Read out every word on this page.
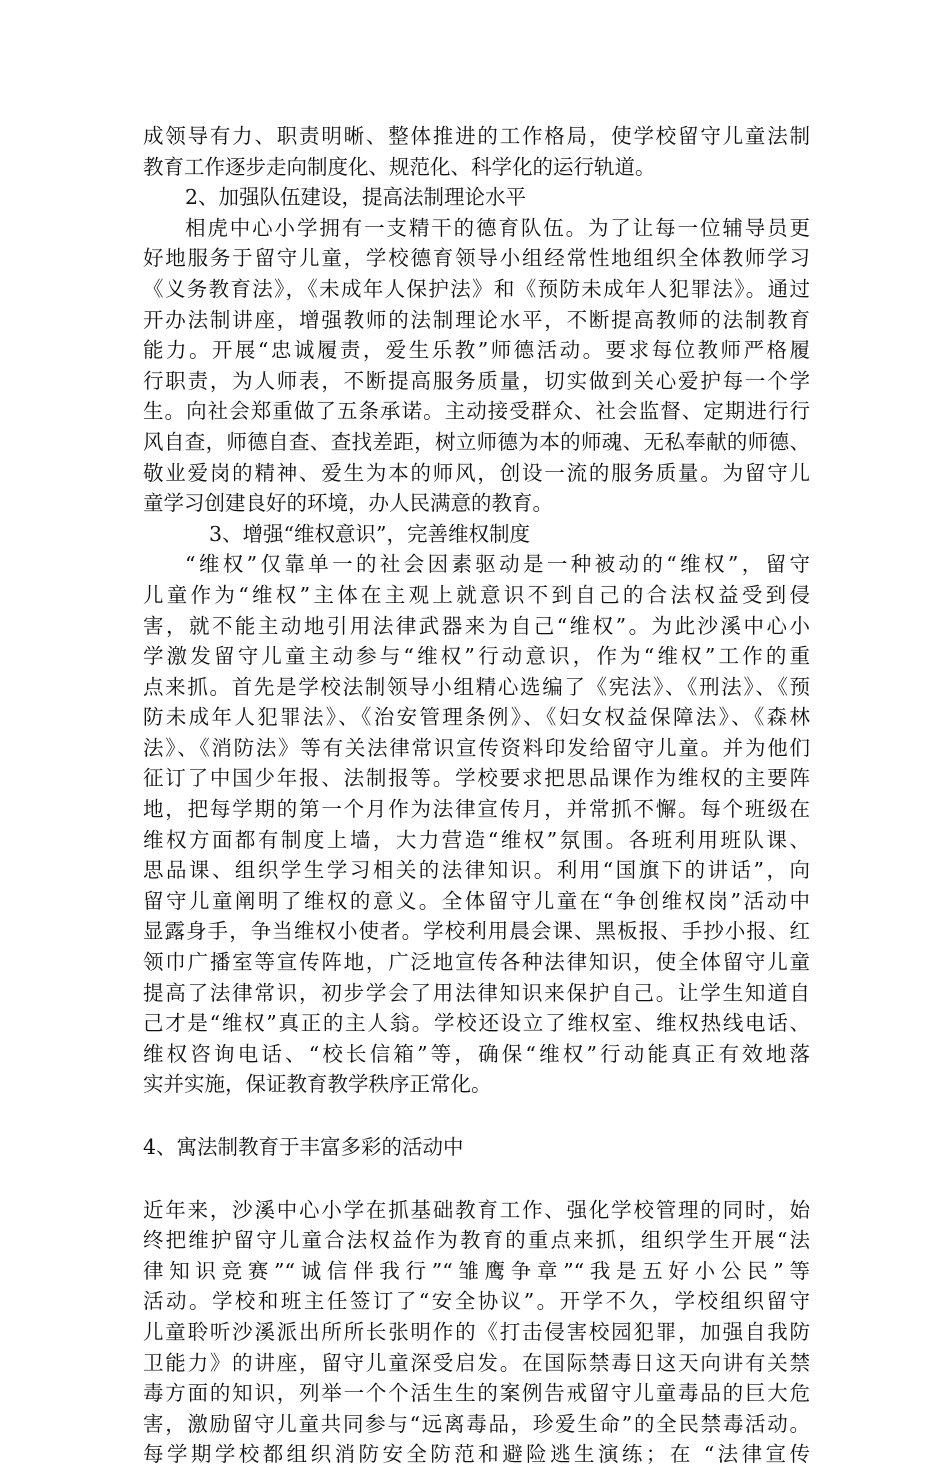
成领导有力、职责明晰、整体推进的工作格局，使学校留守儿童法制
教育工作逐步走向制度化、规范化、科学化的运行轨道。
2、加强队伍建设，提高法制理论水平
相虎中心小学拥有一支精干的德育队伍。为了让每一位辅导员更
好地服务于留守儿童，学校德育领导小组经常性地组织全体教师学习
《义务教育法》，《未成年人保护法》和《预防未成年人犯罪法》。通过
开办法制讲座，增强教师的法制理论水平，不断提高教师的法制教育
能力。开展“忠诚履责，爱生乐教”师德活动。要求每位教师严格履
行职责，为人师表，不断提高服务质量，切实做到关心爱护每一个学
生。向社会郑重做了五条承诺。主动接受群众、社会监督、定期进行行
风自查，师德自查、查找差距，树立师德为本的师魂、无私奉献的师德、
敬业爱岗的精神、爱生为本的师风，创设一流的服务质量。为留守儿
童学习创建良好的环境，办人民满意的教育。
3、增强“维权意识”，完善维权制度
“维权”仅靠单一的社会因素驱动是一种被动的“维权”，留守
儿童作为“维权”主体在主观上就意识不到自己的合法权益受到侵
害，就不能主动地引用法律武器来为自己“维权”。为此沙溪中心小
学激发留守儿童主动参与“维权”行动意识，作为“维权”工作的重
点来抓。首先是学校法制领导小组精心选编了《宪法》、《刑法》、《预
防未成年人犯罪法》、《治安管理条例》、《妇女权益保障法》、《森林
法》、《消防法》等有关法律常识宣传资料印发给留守儿童。并为他们
征订了中国少年报、法制报等。学校要求把思品课作为维权的主要阵
地，把每学期的第一个月作为法律宣传月，并常抓不懈。每个班级在
维权方面都有制度上墙，大力营造“维权”氛围。各班利用班队课、
思品课、组织学生学习相关的法律知识。利用“国旗下的讲话”，向
留守儿童阐明了维权的意义。全体留守儿童在“争创维权岗”活动中
显露身手，争当维权小使者。学校利用晨会课、黑板报、手抄小报、红
领巾广播室等宣传阵地，广泛地宣传各种法律知识，使全体留守儿童
提高了法律常识，初步学会了用法律知识来保护自己。让学生知道自
己才是“维权”真正的主人翁。学校还设立了维权室、维权热线电话、
维权咨询电话、“校长信箱”等，确保“维权”行动能真正有效地落
实并实施，保证教育教学秩序正常化。
4、寓法制教育于丰富多彩的活动中
近年来，沙溪中心小学在抓基础教育工作、强化学校管理的同时，始
终把维护留守儿童合法权益作为教育的重点来抓，组织学生开展“法
律知识竞赛”“诚信伴我行”“雏鹰争章”“我是五好小公民”等
活动。学校和班主任签订了“安全协议”。开学不久，学校组织留守
儿童聆听沙溪派出所所长张明作的《打击侵害校园犯罪，加强自我防
卫能力》的讲座，留守儿童深受启发。在国际禁毒日这天向讲有关禁
毒方面的知识，列举一个个活生生的案例告戒留守儿童毒品的巨大危
害，激励留守儿童共同参与“远离毒品，珍爱生命”的全民禁毒活动。
每学期学校都组织消防安全防范和避险逃生演练；在 “法律宣传
